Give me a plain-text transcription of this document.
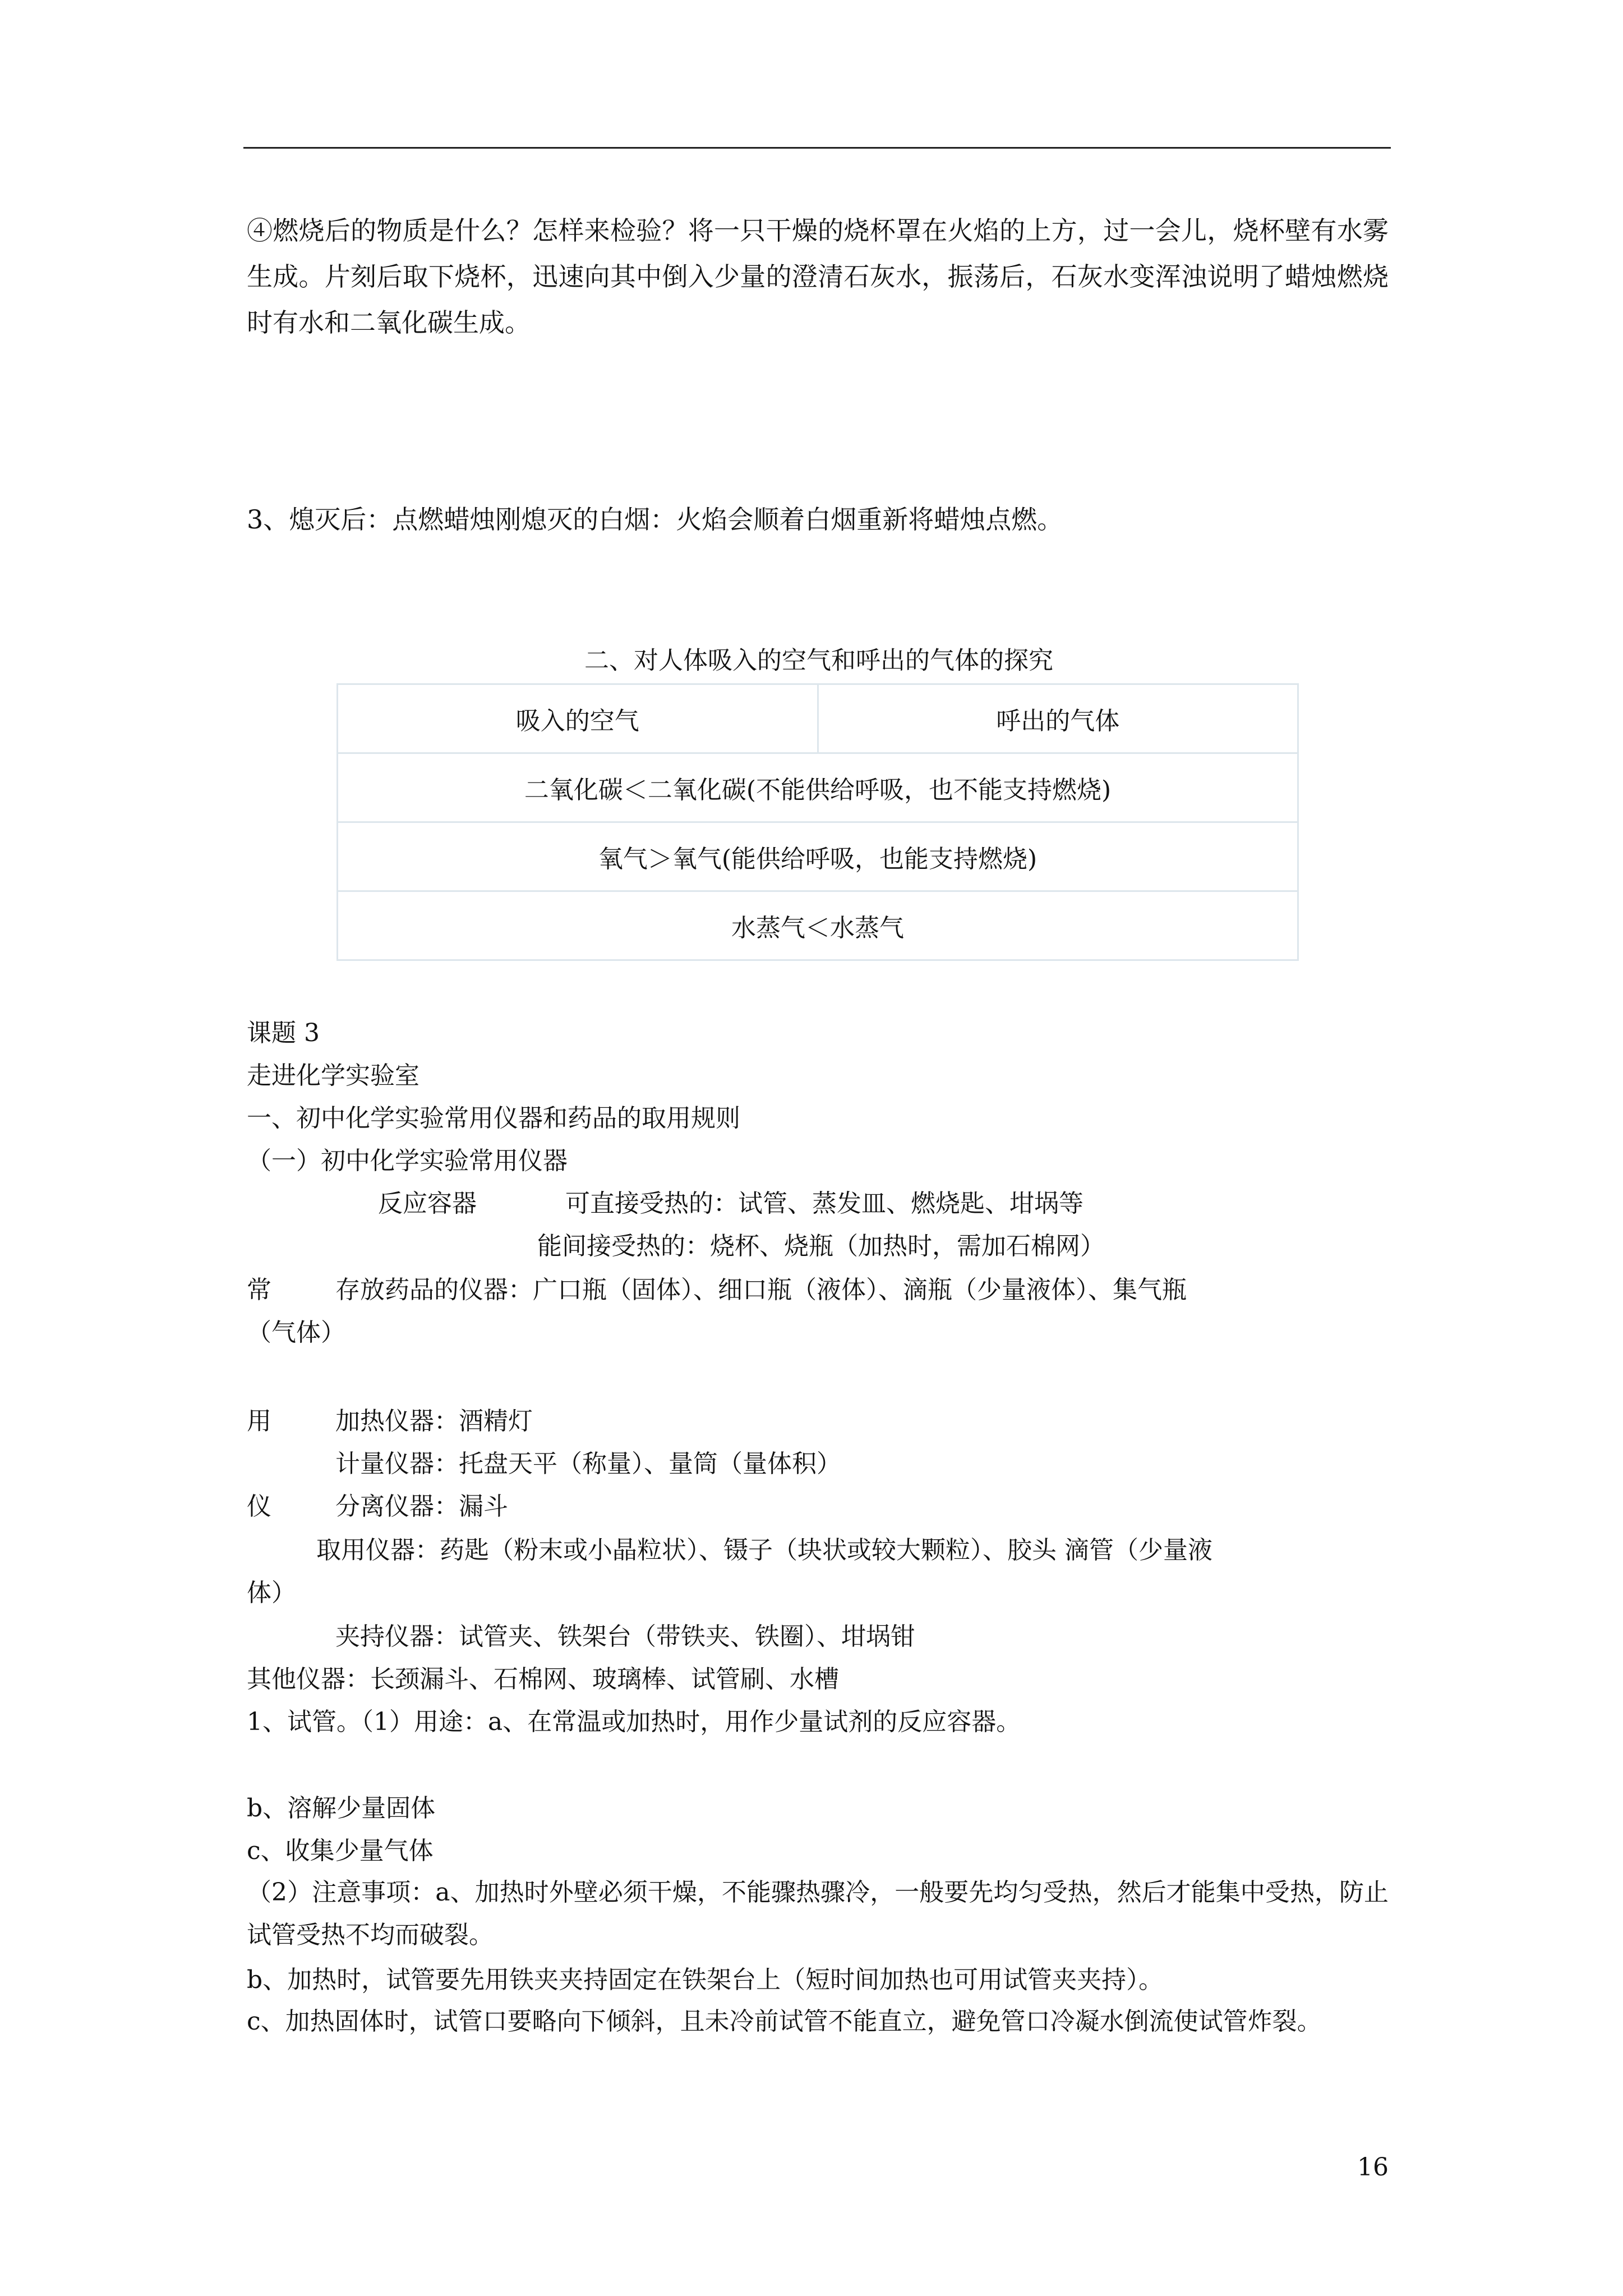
④燃烧后的物质是什么？怎样来检验？将一只干燥的烧杯罩在火焰的上方，过一会儿，烧杯壁有水雾生成。片刻后取下烧杯，迅速向其中倒入少量的澄清石灰水，振荡后，石灰水变浑浊说明了蜡烛燃烧时有水和二氧化碳生成。
3、熄灭后：点燃蜡烛刚熄灭的白烟：火焰会顺着白烟重新将蜡烛点燃。
二、对人体吸入的空气和呼出的气体的探究
吸入的空气	呼出的气体
二氧化碳＜二氧化碳(不能供给呼吸，也不能支持燃烧)
氧气＞氧气(能供给呼吸，也能支持燃烧)
水蒸气＜水蒸气
课题 3
走进化学实验室
一、初中化学实验常用仪器和药品的取用规则
（一）初中化学实验常用仪器
反应容器	可直接受热的：试管、蒸发皿、燃烧匙、坩埚等
能间接受热的：烧杯、烧瓶（加热时，需加石棉网）
常	存放药品的仪器：广口瓶（固体）、细口瓶（液体）、滴瓶（少量液体）、集气瓶
（气体）
用	加热仪器：酒精灯
计量仪器：托盘天平（称量）、量筒（量体积）
仪	分离仪器：漏斗
取用仪器：药匙（粉末或小晶粒状）、镊子（块状或较大颗粒）、胶头 滴管（少量液
体）
夹持仪器：试管夹、铁架台（带铁夹、铁圈）、坩埚钳
其他仪器：长颈漏斗、石棉网、玻璃棒、试管刷、水槽
1、试管。（1）用途：a、在常温或加热时，用作少量试剂的反应容器。
b、溶解少量固体
c、收集少量气体
（2）注意事项：a、加热时外壁必须干燥，不能骤热骤冷，一般要先均匀受热，然后才能集中受热，防止试管受热不均而破裂。
b、加热时，试管要先用铁夹夹持固定在铁架台上（短时间加热也可用试管夹夹持）。
c、加热固体时，试管口要略向下倾斜，且未冷前试管不能直立，避免管口冷凝水倒流使试管炸裂。
16
